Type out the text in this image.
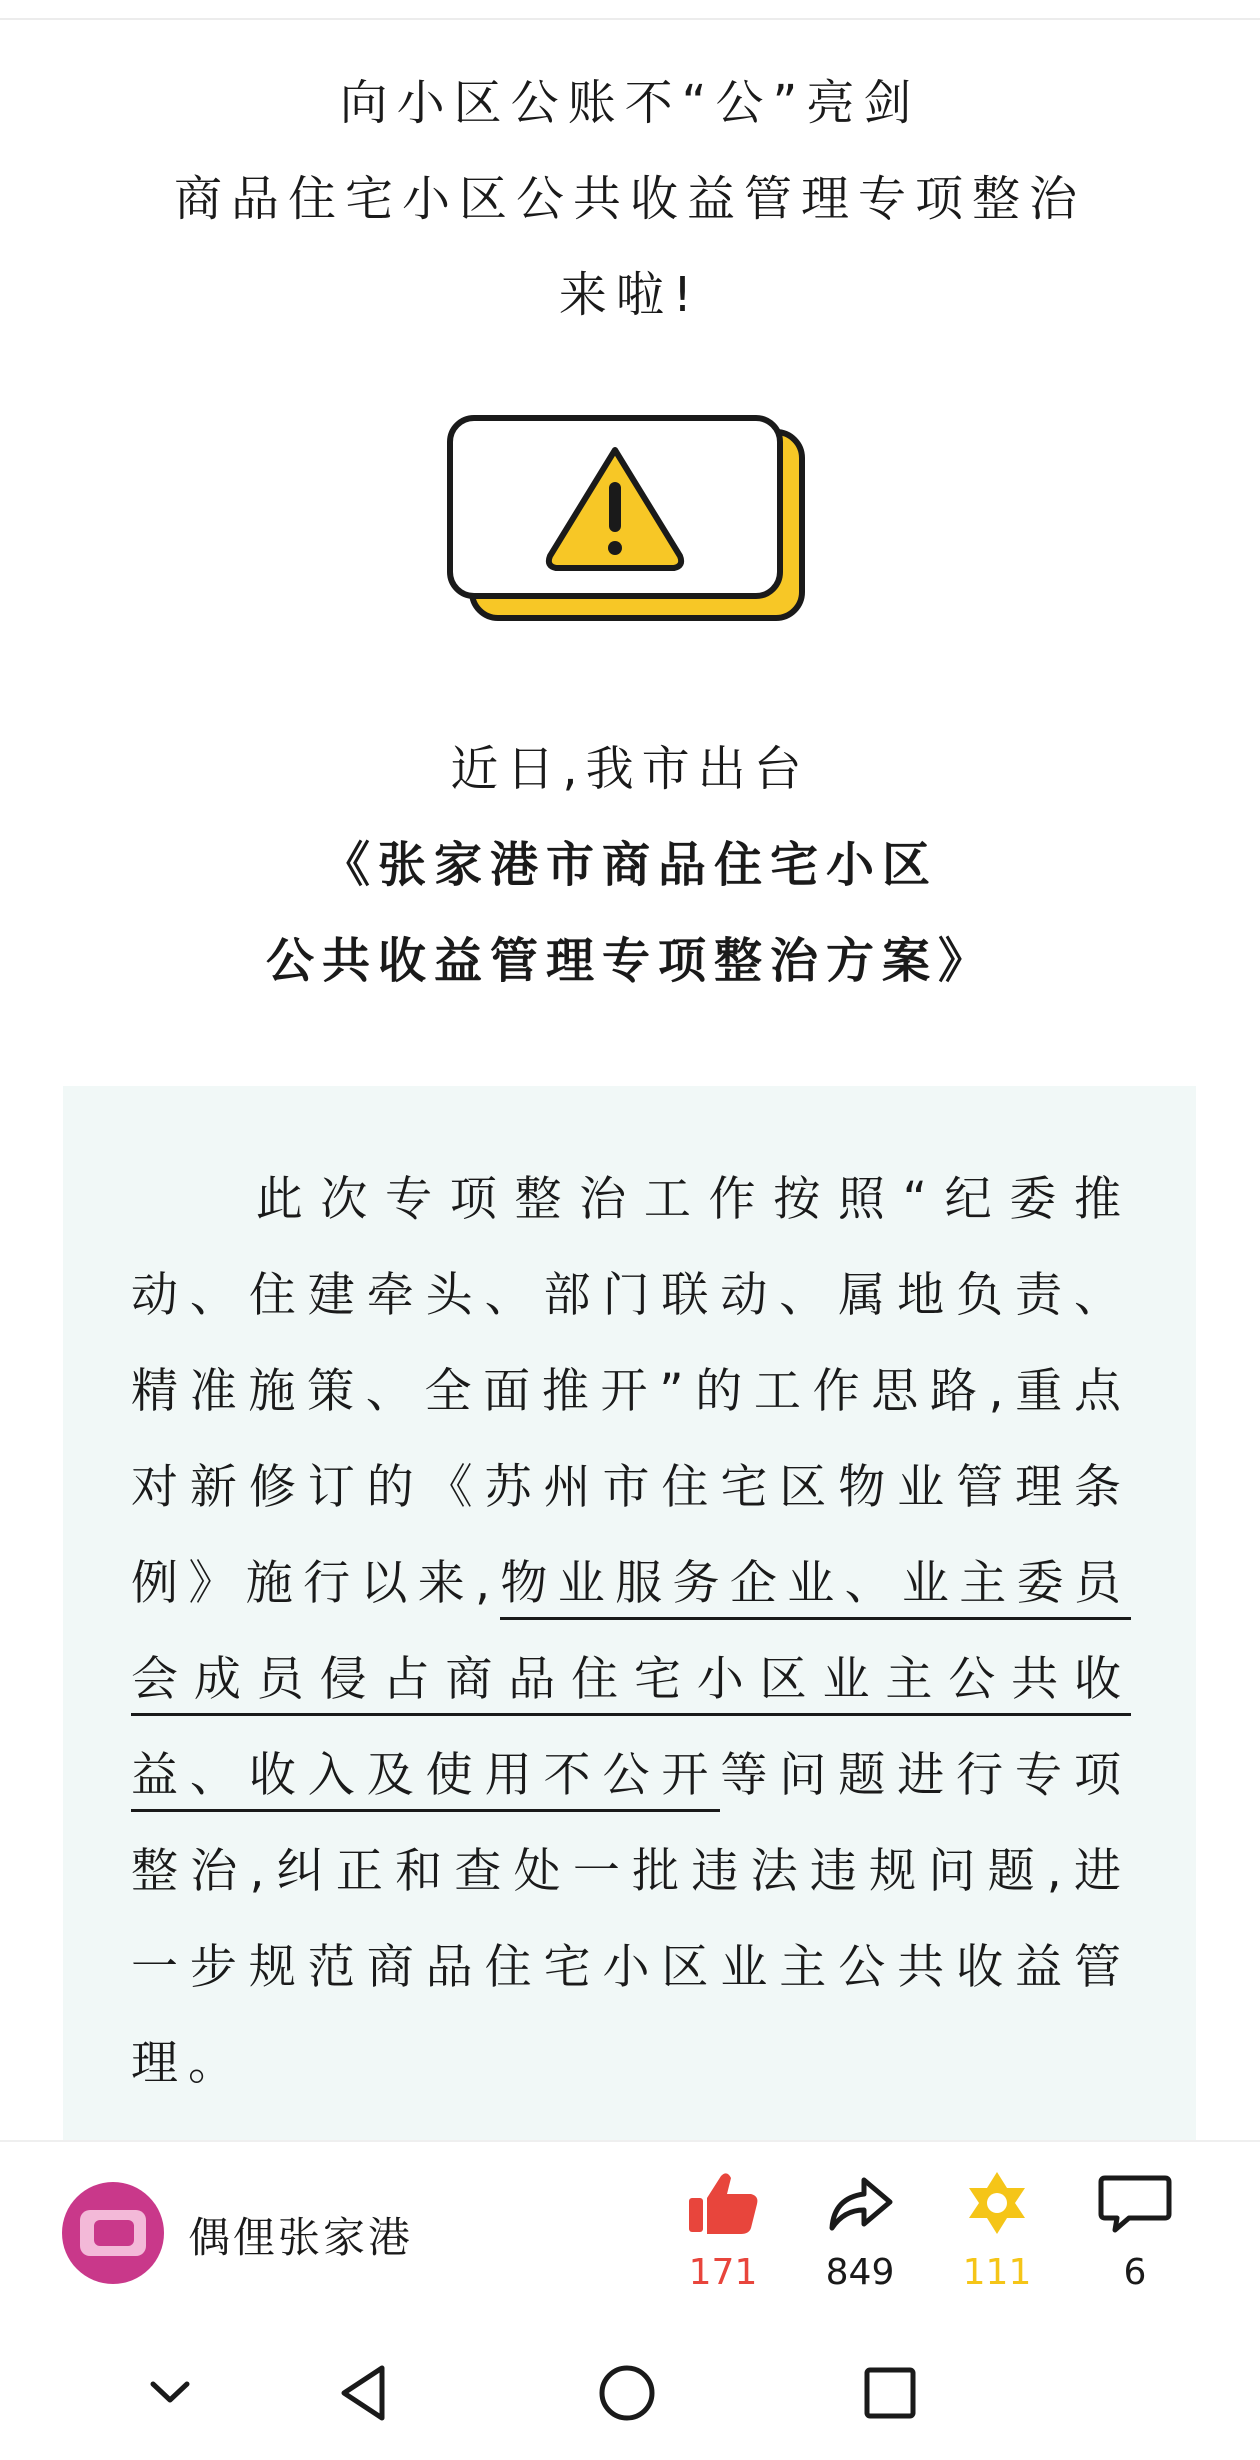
向小区公账不“公”亮剑
商品住宅小区公共收益管理专项整治
来啦!
近日,我市出台
《张家港市商品住宅小区
公共收益管理专项整治方案》
此次专项整治工作按照“纪委推动、住建牵头、部门联动、属地负责、精准施策、全面推开”的工作思路,重点对新修订的《苏州市住宅区物业管理条例》施行以来,物业服务企业、业主委员会成员侵占商品住宅小区业主公共收益、收入及使用不公开等问题进行专项整治,纠正和查处一批违法违规问题,进一步规范商品住宅小区业主公共收益管理。
偶俚张家港
171	849	111	6
